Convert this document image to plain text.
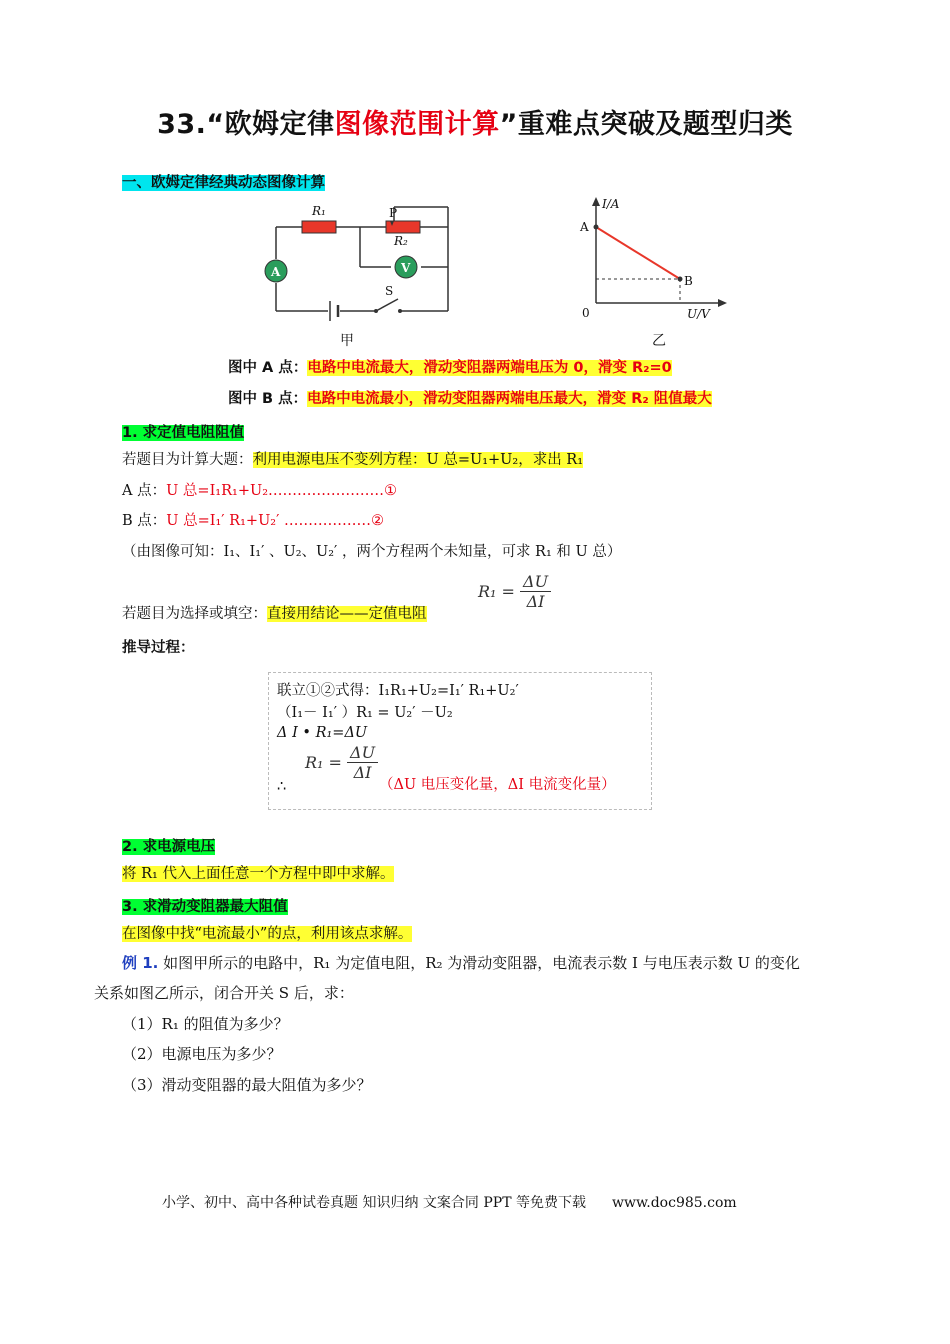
33.“欧姆定律图像范围计算”重难点突破及题型归类
一、欧姆定律经典动态图像计算
A	V
R₁
R₂
P
S
甲
I/A
U/V
0
A
B
乙
图中 A 点：电路中电流最大，滑动变阻器两端电压为 0，滑变 R₂=0
图中 B 点：电路中电流最小，滑动变阻器两端电压最大，滑变 R₂ 阻值最大
1. 求定值电阻阻值
若题目为计算大题：利用电源电压不变列方程：U 总=U₁+U₂，求出 R₁
A 点：U 总=I₁R₁+U₂……………………①
B 点：U 总=I₁′ R₁+U₂′ ………………②
（由图像可知：I₁、I₁′ 、U₂、U₂′ ，两个方程两个未知量，可求 R₁ 和 U 总）
若题目为选择或填空：直接用结论——定值电阻
$R_1 = \frac{\Delta U}{\Delta I}$
推导过程：
联立①②式得：I₁R₁+U₂=I₁′ R₁+U₂′
（I₁－ I₁′ ）R₁ = U₂′ －U₂
Δ I • R₁=ΔU
∴
$R_1 = \frac{\Delta U}{\Delta I}$
（ΔU 电压变化量，ΔI 电流变化量）
2. 求电源电压
将 R₁ 代入上面任意一个方程中即中求解。
3. 求滑动变阻器最大阻值
在图像中找“电流最小”的点，利用该点求解。
例 1. 如图甲所示的电路中，R₁ 为定值电阻，R₂ 为滑动变阻器，电流表示数 I 与电压表示数 U 的变化
关系如图乙所示，闭合开关 S 后，求：
（1）R₁ 的阻值为多少？
（2）电源电压为多少？
（3）滑动变阻器的最大阻值为多少？
小学、初中、高中各种试卷真题 知识归纳 文案合同 PPT 等免费下载 www.doc985.com
